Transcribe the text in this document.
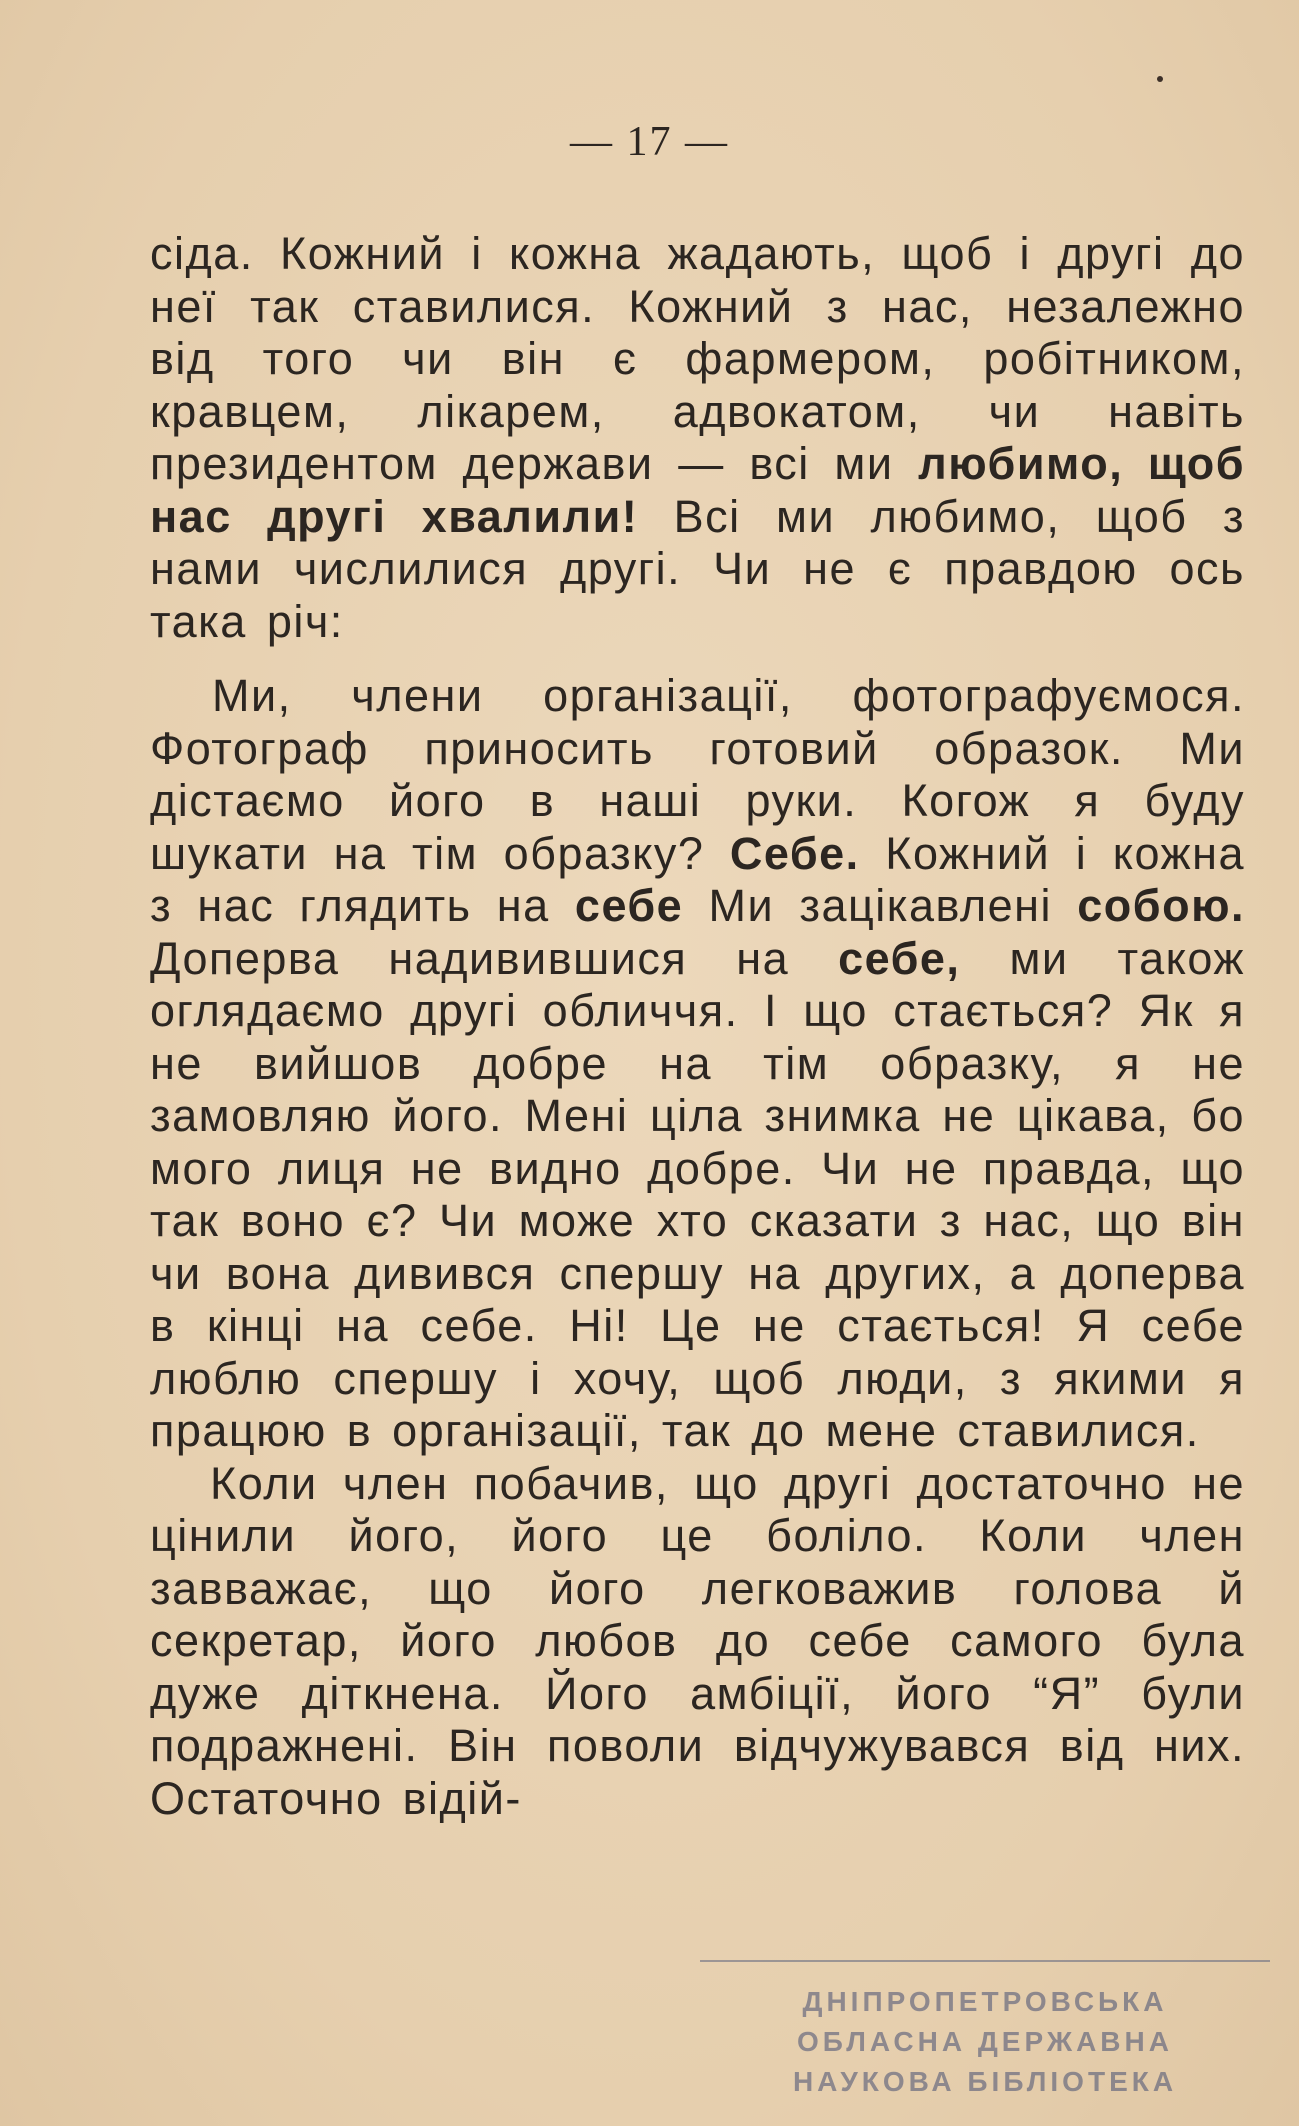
— 17 —

сіда. Кожний і кожна жадають, щоб і другі до неї так ставилися. Кожний з нас, незалежно від того чи він є фармером, робітником, кравцем, лікарем, адвокатом, чи навіть президентом держави — всі ми любимо, щоб нас другі хвалили! Всі ми любимо, щоб з нами числилися другі. Чи не є правдою ось така річ:

Ми, члени організації, фотографуємося. Фотограф приносить готовий образок. Ми дістаємо його в наші руки. Когож я буду шукати на тім образку? Себе. Кожний і кожна з нас глядить на себе Ми зацікавлені собою. Доперва надивившися на себе, ми також оглядаємо другі обличчя. І що стається? Як я не вийшов добре на тім образку, я не замовляю його. Мені ціла знимка не цікава, бо мого лиця не видно добре. Чи не правда, що так воно є? Чи може хто сказати з нас, що він чи вона дивився спершу на других, а доперва в кінці на себе. Ні! Це не стається! Я себе люблю спершу і хочу, щоб люди, з якими я працюю в організації, так до мене ставилися.

Коли член побачив, що другі достаточно не цінили його, його це боліло. Коли член завважає, що його легковажив голова й секретар, його любов до себе самого була дуже діткнена. Його амбіції, його “Я” були подражнені. Він поволи відчужувався від них. Остаточно відій-

ДНІПРОПЕТРОВСЬКА
ОБЛАСНА ДЕРЖАВНА
НАУКОВА БІБЛІОТЕКА
